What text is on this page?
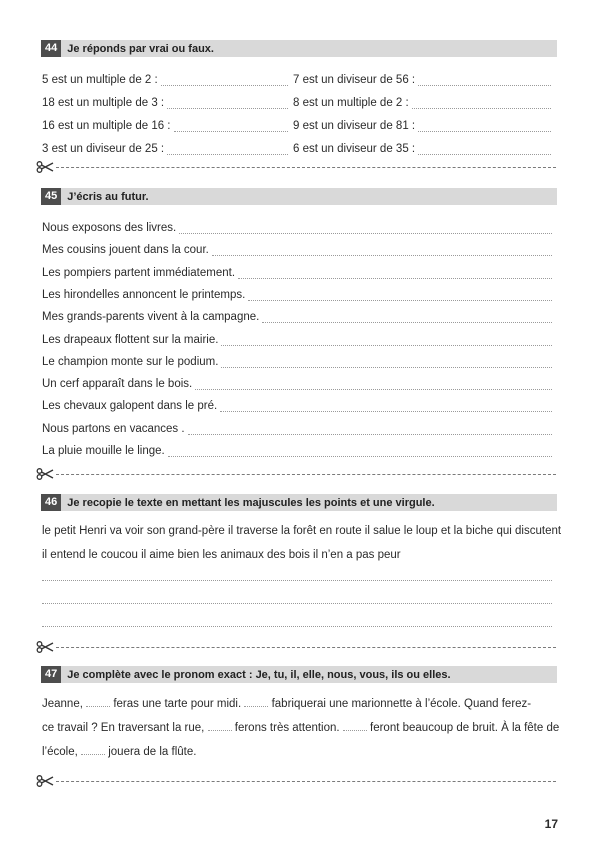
44 Je réponds par vrai ou faux.
5 est un multiple de 2 :	7 est un diviseur de 56 :
18 est un multiple de 3 :	8 est un multiple de 2 :
16 est un multiple de 16 :	9 est un diviseur de 81 :
3 est un diviseur de 25 :	6 est un diviseur de 35 :
45 J’écris au futur.
Nous exposons des livres.
Mes cousins jouent dans la cour.
Les pompiers partent immédiatement.
Les hirondelles annoncent le printemps.
Mes grands-parents vivent à la campagne.
Les drapeaux flottent sur la mairie.
Le champion monte sur le podium.
Un cerf apparaît dans le bois.
Les chevaux galopent dans le pré.
Nous partons en vacances .
La pluie mouille le linge.
46 Je recopie le texte en mettant les majuscules les points et une virgule.
le petit Henri va voir son grand-père il traverse la forêt en route il salue le loup et la biche qui discutent
il entend le coucou il aime bien les animaux des bois il n’en a pas peur
47 Je complète avec le pronom exact : Je, tu, il, elle, nous, vous, ils ou elles.
Jeanne,	feras une tarte pour midi.	fabriquerai une marionnette à l’école. Quand ferez-
ce travail ? En traversant la rue,	ferons très attention.	feront beaucoup de bruit. À la fête de
l’école,	jouera de la flûte.
17
